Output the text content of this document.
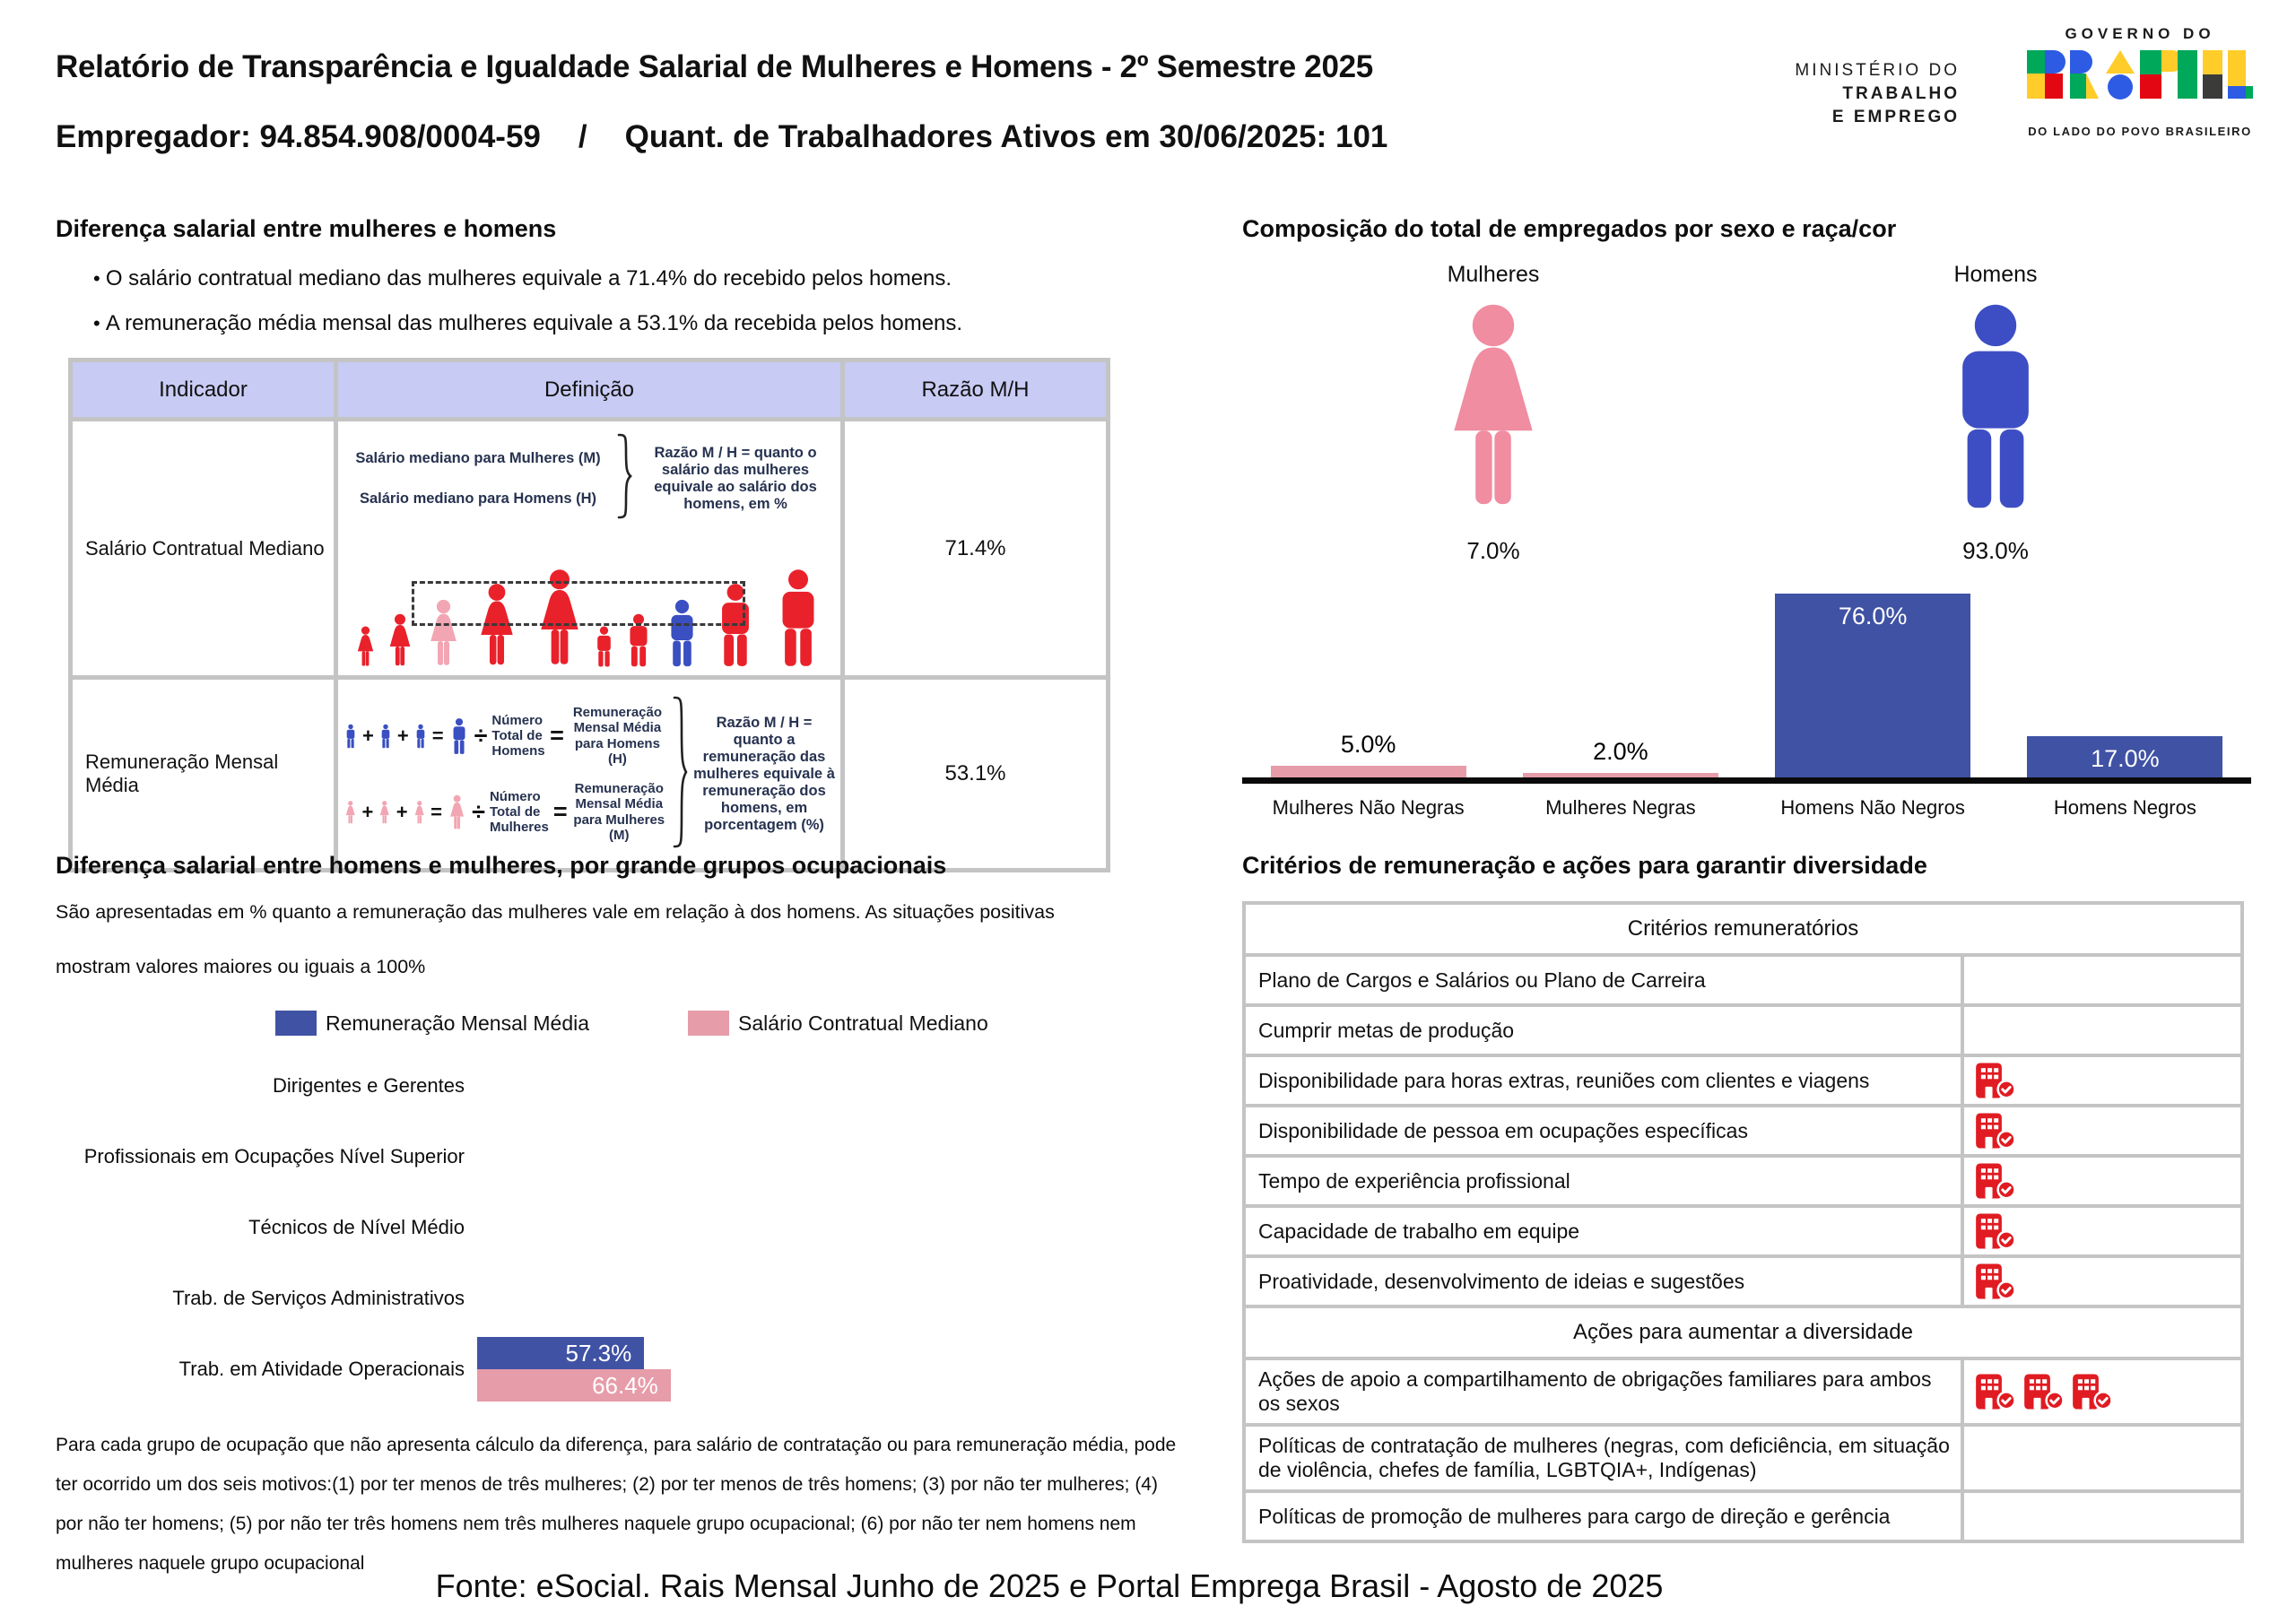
Relatório de Transparência e Igualdade Salarial de Mulheres e Homens - 2º Semestre 2025
Empregador: 94.854.908/0004-59 / Quant. de Trabalhadores Ativos em 30/06/2025: 101
MINISTÉRIO DO
TRABALHO
E EMPREGO
GOVERNO DO
DO LADO DO POVO BRASILEIRO
Diferença salarial entre mulheres e homens
• O salário contratual mediano das mulheres equivale a 71.4% do recebido pelos homens.
• A remuneração média mensal das mulheres equivale a 53.1% da recebida pelos homens.
Indicador	Definição	Razão M/H
Salário Contratual Mediano	Salário mediano para Mulheres (M)
Salário mediano para Homens (H)
Razão M / H = quanto o salário das mulheres equivale ao salário dos homens, em %	71.4%
Remuneração Mensal Média	
+ + = ÷
Número Total de Homens
=
Remuneração Mensal Média para Homens (H)
+ + = ÷
Número Total de Mulheres
=
Remuneração Mensal Média para Mulheres (M)
Razão M / H = quanto a remuneração das mulheres equivale à remuneração dos homens, em porcentagem (%)
	53.1%
Composição do total de empregados por sexo e raça/cor
Mulheres
7.0%
Homens
93.0%
5.0%	2.0%
76.0%
17.0%
Mulheres Não Negras	Mulheres Negras	Homens Não Negros	Homens Negros
Diferença salarial entre homens e mulheres, por grande grupos ocupacionais
São apresentadas em % quanto a remuneração das mulheres vale em relação à dos homens. As situações positivas
mostram valores maiores ou iguais a 100%
Remuneração Mensal Média	Salário Contratual Mediano
Dirigentes e Gerentes
Profissionais em Ocupações Nível Superior
Técnicos de Nível Médio
Trab. de Serviços Administrativos
Trab. em Atividade Operacionais
57.3%
66.4%
Para cada grupo de ocupação que não apresenta cálculo da diferença, para salário de contratação ou para remuneração média, pode ter ocorrido um dos seis motivos:(1) por ter menos de três mulheres; (2) por ter menos de três homens; (3) por não ter mulheres; (4) por não ter homens; (5) por não ter três homens nem três mulheres naquele grupo ocupacional; (6) por não ter nem homens nem mulheres naquele grupo ocupacional
Critérios de remuneração e ações para garantir diversidade
Critérios remuneratórios	
Plano de Cargos e Salários ou Plano de Carreira	
Cumprir metas de produção	
Disponibilidade para horas extras, reuniões com clientes e viagens	
Disponibilidade de pessoa em ocupações específicas	
Tempo de experiência profissional	
Capacidade de trabalho em equipe	
Proatividade, desenvolvimento de ideias e sugestões	
Ações para aumentar a diversidade	
Ações de apoio a compartilhamento de obrigações familiares para ambos os sexos	
Políticas de contratação de mulheres (negras, com deficiência, em situação de violência, chefes de família, LGBTQIA+, Indígenas)	
Políticas de promoção de mulheres para cargo de direção e gerência	
Fonte: eSocial. Rais Mensal Junho de 2025 e Portal Emprega Brasil - Agosto de 2025
